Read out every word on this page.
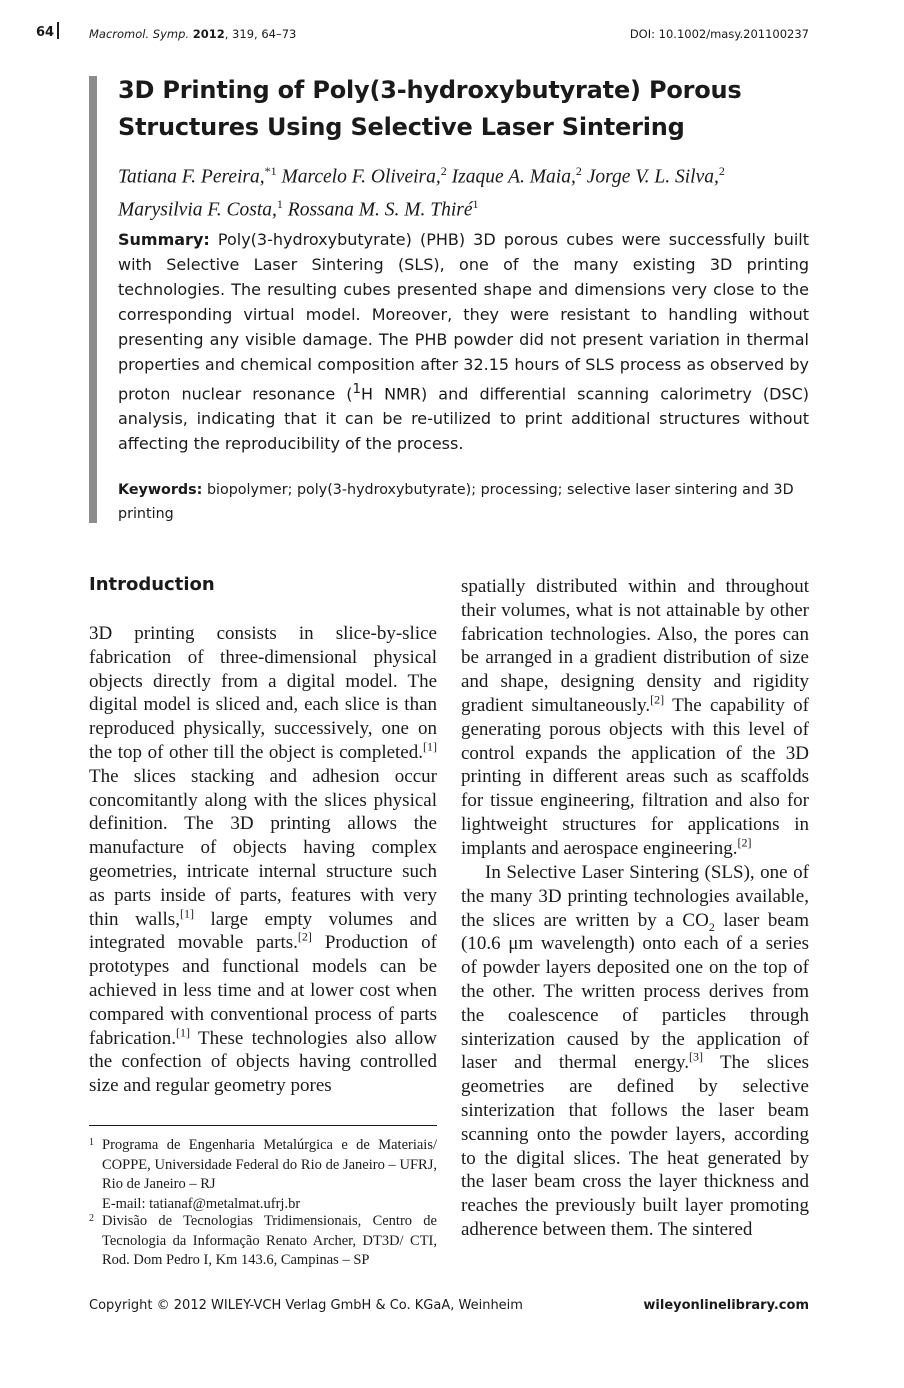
64	Macromol. Symp. 2012, 319, 64–73	DOI: 10.1002/masy.201100237
3D Printing of Poly(3-hydroxybutyrate) Porous Structures Using Selective Laser Sintering

Tatiana F. Pereira,$^{*1}$ Marcelo F. Oliveira,$^2$ Izaque A. Maia,$^2$ Jorge V. L. Silva,$^2$
Marysilvia F. Costa,$^1$ Rossana M. S. M. Thiré$^1$

Summary: Poly(3-hydroxybutyrate) (PHB) 3D porous cubes were successfully built with Selective Laser Sintering (SLS), one of the many existing 3D printing technologies. The resulting cubes presented shape and dimensions very close to the corresponding virtual model. Moreover, they were resistant to handling without presenting any visible damage. The PHB powder did not present variation in thermal properties and chemical composition after 32.15 hours of SLS process as observed by proton nuclear resonance ($^1$H NMR) and differential scanning calorimetry (DSC) analysis, indicating that it can be re-utilized to print additional structures without affecting the reproducibility of the process.

Keywords: biopolymer; poly(3-hydroxybutyrate); processing; selective laser sintering and 3D printing

Introduction

3D printing consists in slice-by-slice fabrication of three-dimensional physical objects directly from a digital model. The digital model is sliced and, each slice is than reproduced physically, successively, one on the top of other till the object is completed.[1] The slices stacking and adhesion occur concomitantly along with the slices physical definition. The 3D printing allows the manufacture of objects having complex geometries, intricate internal structure such as parts inside of parts, features with very thin walls,[1] large empty volumes and integrated movable parts.[2] Production of prototypes and functional models can be achieved in less time and at lower cost when compared with conventional process of parts fabrication.[1] These technologies also allow the confection of objects having controlled size and regular geometry pores

spatially distributed within and throughout their volumes, what is not attainable by other fabrication technologies. Also, the pores can be arranged in a gradient distribution of size and shape, designing density and rigidity gradient simultaneously.[2] The capability of generating porous objects with this level of control expands the application of the 3D printing in different areas such as scaffolds for tissue engineering, filtration and also for lightweight structures for applications in implants and aerospace engineering.[2]

In Selective Laser Sintering (SLS), one of the many 3D printing technologies available, the slices are written by a $CO_2$ laser beam (10.6 μm wavelength) onto each of a series of powder layers deposited one on the top of the other. The written process derives from the coalescence of particles through sinterization caused by the application of laser and thermal energy.[3] The slices geometries are defined by selective sinterization that follows the laser beam scanning onto the powder layers, according to the digital slices. The heat generated by the laser beam cross the layer thickness and reaches the previously built layer promoting adherence between them. The sintered

1 Programa de Engenharia Metalúrgica e de Materiais/ COPPE, Universidade Federal do Rio de Janeiro – UFRJ, Rio de Janeiro – RJ
E-mail: tatianaf@metalmat.ufrj.br

2 Divisão de Tecnologias Tridimensionais, Centro de Tecnologia da Informação Renato Archer, DT3D/ CTI, Rod. Dom Pedro I, Km 143.6, Campinas – SP

Copyright © 2012 WILEY-VCH Verlag GmbH & Co. KGaA, Weinheim	wileyonlinelibrary.com
